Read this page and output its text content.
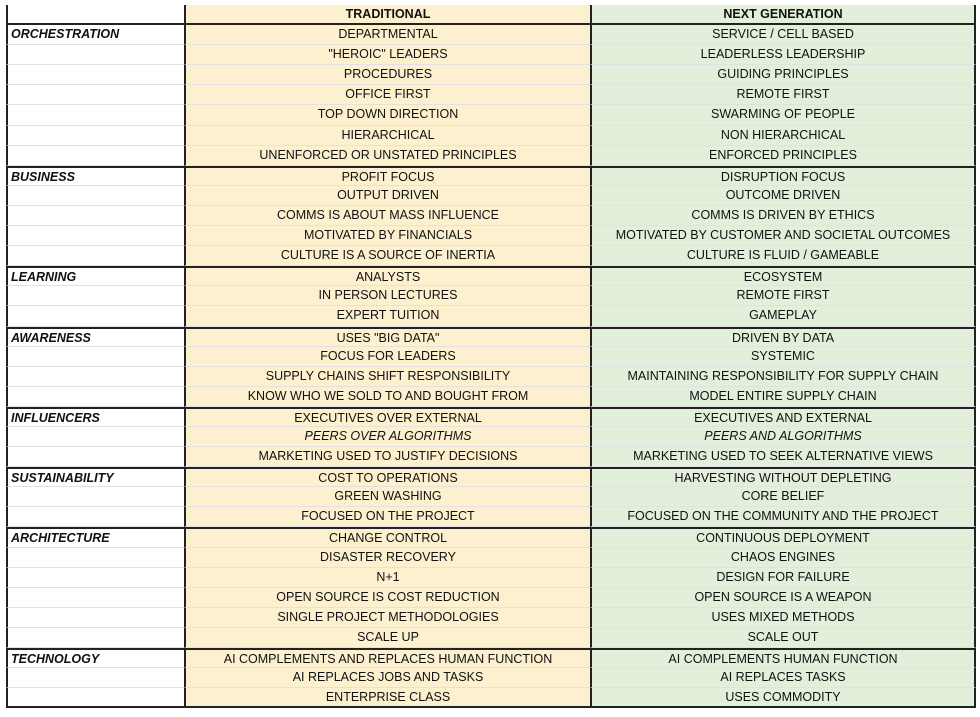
TRADITIONAL	NEXT GENERATION
ORCHESTRATION	DEPARTMENTAL	SERVICE / CELL BASED
"HEROIC" LEADERS	LEADERLESS LEADERSHIP
PROCEDURES	GUIDING PRINCIPLES
OFFICE FIRST	REMOTE FIRST
TOP DOWN DIRECTION	SWARMING OF PEOPLE
HIERARCHICAL	NON HIERARCHICAL
UNENFORCED OR UNSTATED PRINCIPLES	ENFORCED PRINCIPLES
BUSINESS	PROFIT FOCUS	DISRUPTION FOCUS
OUTPUT DRIVEN	OUTCOME DRIVEN
COMMS IS ABOUT MASS INFLUENCE	COMMS IS DRIVEN BY ETHICS
MOTIVATED BY FINANCIALS	MOTIVATED BY CUSTOMER AND SOCIETAL OUTCOMES
CULTURE IS A SOURCE OF INERTIA	CULTURE IS FLUID / GAMEABLE
LEARNING	ANALYSTS	ECOSYSTEM
IN PERSON LECTURES	REMOTE FIRST
EXPERT TUITION	GAMEPLAY
AWARENESS	USES "BIG DATA"	DRIVEN BY DATA
FOCUS FOR LEADERS	SYSTEMIC
SUPPLY CHAINS SHIFT RESPONSIBILITY	MAINTAINING RESPONSIBILITY FOR SUPPLY CHAIN
KNOW WHO WE SOLD TO AND BOUGHT FROM	MODEL ENTIRE SUPPLY CHAIN
INFLUENCERS	EXECUTIVES OVER EXTERNAL	EXECUTIVES AND EXTERNAL
PEERS OVER ALGORITHMS	PEERS AND ALGORITHMS
MARKETING USED TO JUSTIFY DECISIONS	MARKETING USED TO SEEK ALTERNATIVE VIEWS
SUSTAINABILITY	COST TO OPERATIONS	HARVESTING WITHOUT DEPLETING
GREEN WASHING	CORE BELIEF
FOCUSED ON THE PROJECT	FOCUSED ON THE COMMUNITY AND THE PROJECT
ARCHITECTURE	CHANGE CONTROL	CONTINUOUS DEPLOYMENT
DISASTER RECOVERY	CHAOS ENGINES
N+1	DESIGN FOR FAILURE
OPEN SOURCE IS COST REDUCTION	OPEN SOURCE IS A WEAPON
SINGLE PROJECT METHODOLOGIES	USES MIXED METHODS
SCALE UP	SCALE OUT
TECHNOLOGY	AI COMPLEMENTS AND REPLACES HUMAN FUNCTION	AI COMPLEMENTS HUMAN FUNCTION
AI REPLACES JOBS AND TASKS	AI REPLACES TASKS
ENTERPRISE CLASS	USES COMMODITY
